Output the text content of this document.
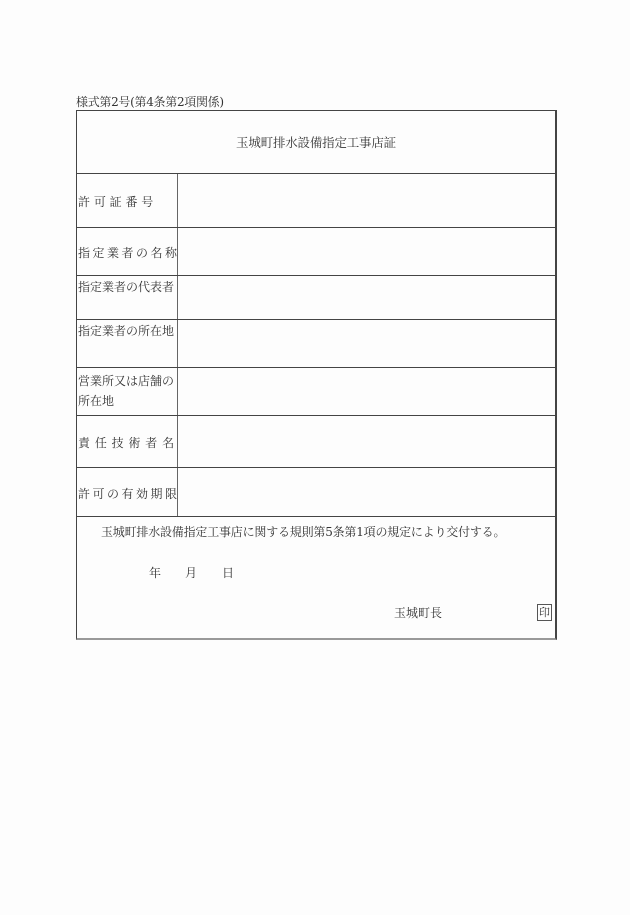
様式第2号(第4条第2項関係)
玉城町排水設備指定工事店証
許 可 証 番 号
指定業者の名称
指定業者の代表者
指定業者の所在地
営業所又は店舗の
所在地
責 任 技 術 者 名
許可の有効期限
玉城町排水設備指定工事店に関する規則第5条第1項の規定により交付する。
年 月 日
玉城町長	印
